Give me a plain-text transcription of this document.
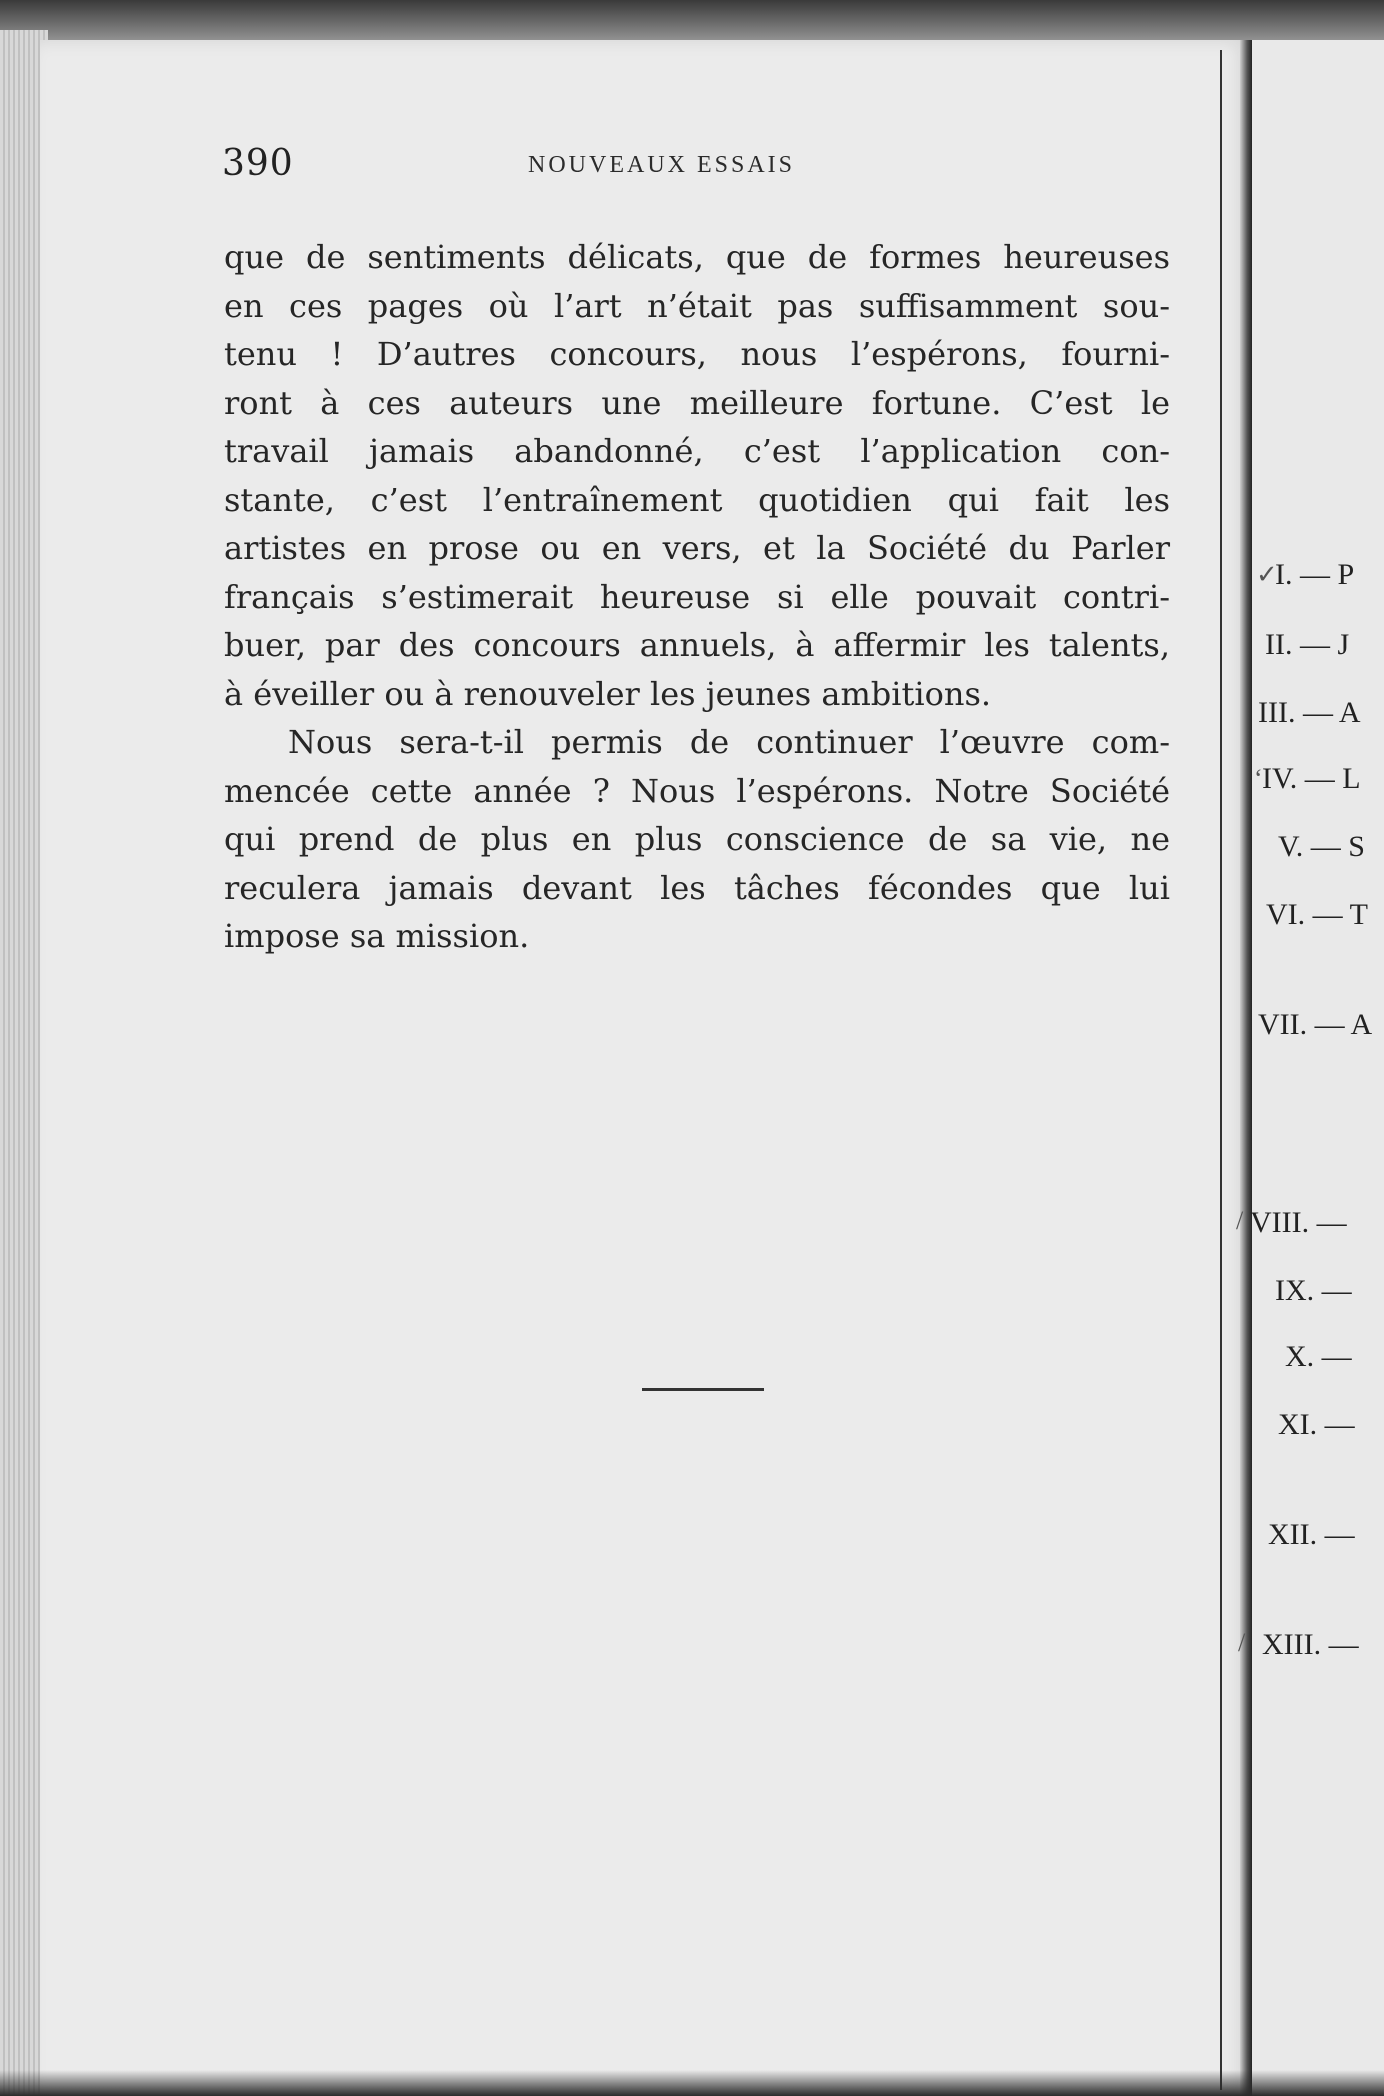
390	NOUVEAUX ESSAIS
que de sentiments délicats, que de formes heureuses
en ces pages où l’art n’était pas suffisamment sou-
tenu ! D’autres concours, nous l’espérons, fourni-
ront à ces auteurs une meilleure fortune. C’est le
travail jamais abandonné, c’est l’application con-
stante, c’est l’entraînement quotidien qui fait les
artistes en prose ou en vers, et la Société du Parler
français s’estimerait heureuse si elle pouvait contri-
buer, par des concours annuels, à affermir les talents,
à éveiller ou à renouveler les jeunes ambitions.
Nous sera-t-il permis de continuer l’œuvre com-
mencée cette année ? Nous l’espérons. Notre Société
qui prend de plus en plus conscience de sa vie, ne
reculera jamais devant les tâches fécondes que lui
impose sa mission.
I. — P
II. — J
III. — A
IV. — L
V. — S
VI. — T
VII. — A
VIII. —
IX. —
X. —
XI. —
XII. —
XIII. —
✓
‘
/
/
